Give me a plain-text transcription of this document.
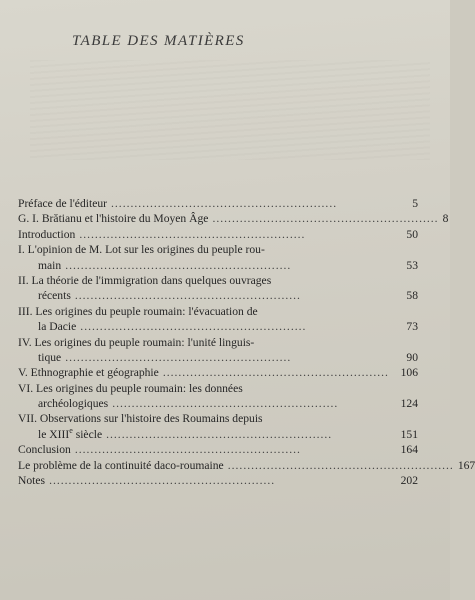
TABLE DES MATIÈRES
Préface de l'éditeur ..........................................................	5
G. I. Brătianu et l'histoire du Moyen Âge .......................................................... 8
Introduction ..........................................................	50
I. L'opinion de M. Lot sur les origines du peuple rou-
main ..........................................................	53
II. La théorie de l'immigration dans quelques ouvrages
récents ..........................................................	58
III. Les origines du peuple roumain: l'évacuation de
la Dacie ..........................................................	73
IV. Les origines du peuple roumain: l'unité linguis-
tique ..........................................................	90
V. Ethnographie et géographie ..........................................................	106
VI. Les origines du peuple roumain: les données
archéologiques ..........................................................	124
VII. Observations sur l'histoire des Roumains depuis
le XIIIe siècle ..........................................................	151
Conclusion ..........................................................	164
Le problème de la continuité daco-roumaine .......................................................... 167
Notes ..........................................................	202
